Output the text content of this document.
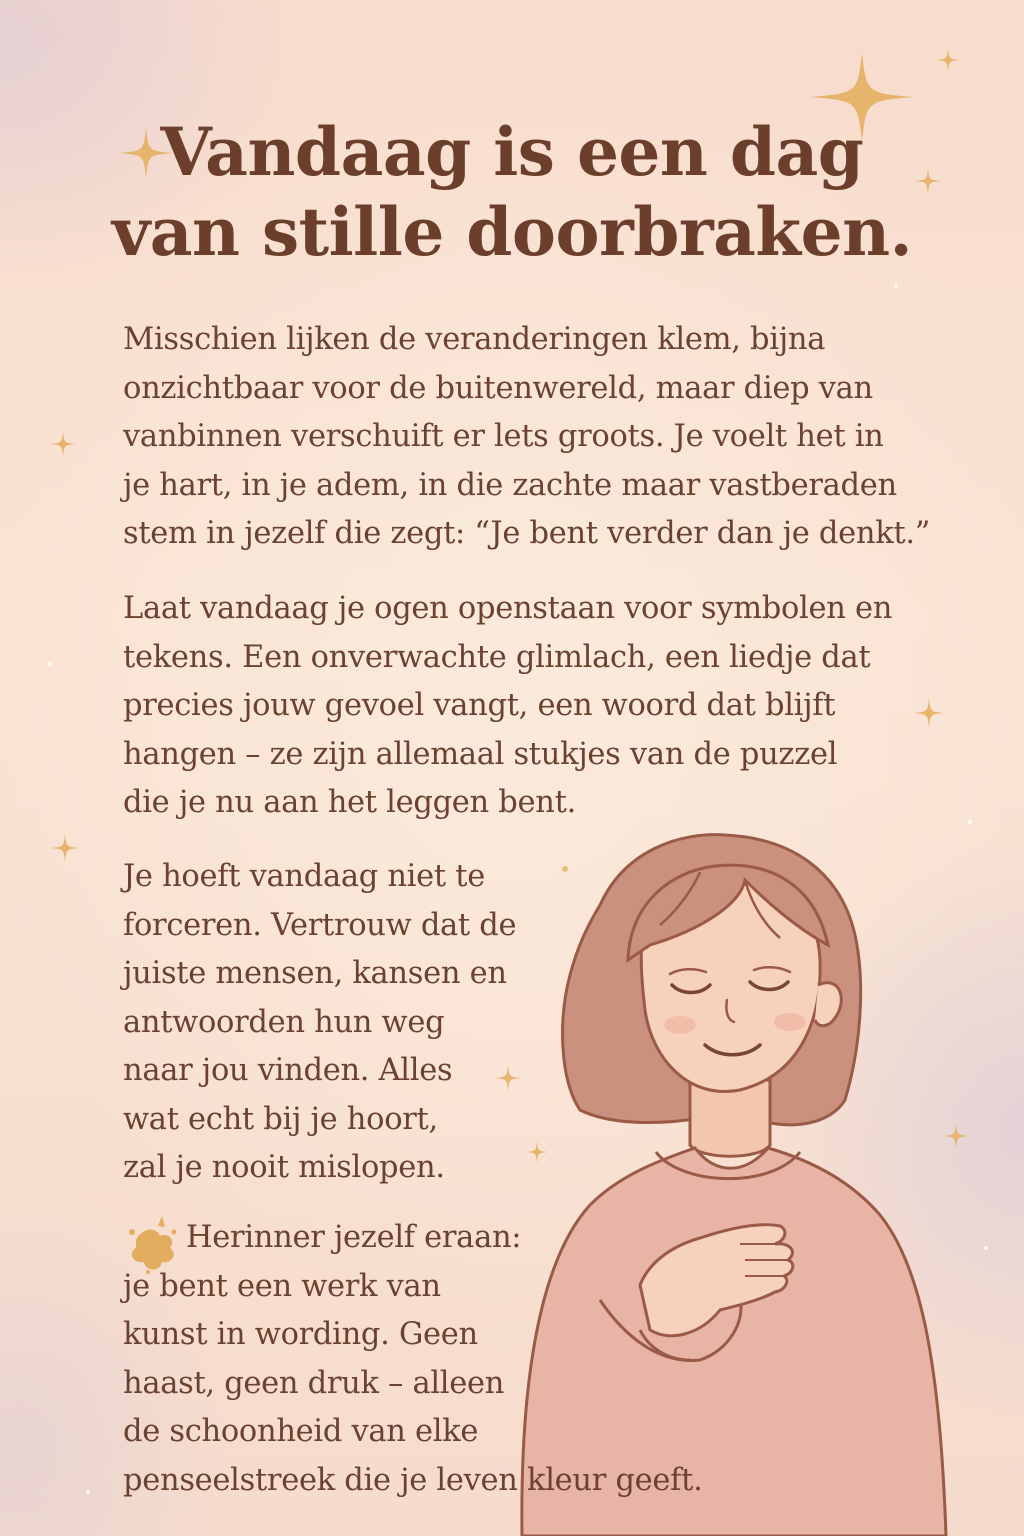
Vandaag is een dag
van stille doorbraken.
Misschien lijken de veranderingen klem, bijna
onzichtbaar voor de buitenwereld, maar diep van
vanbinnen verschuift er lets groots. Je voelt het in
je hart, in je adem, in die zachte maar vastberaden
stem in jezelf die zegt: “Je bent verder dan je denkt.”
Laat vandaag je ogen openstaan voor symbolen en
tekens. Een onverwachte glimlach, een liedje dat
precies jouw gevoel vangt, een woord dat blijft
hangen – ze zijn allemaal stukjes van de puzzel
die je nu aan het leggen bent.
Je hoeft vandaag niet te
forceren. Vertrouw dat de
juiste mensen, kansen en
antwoorden hun weg
naar jou vinden. Alles
wat echt bij je hoort,
zal je nooit mislopen.
Herinner jezelf eraan:
je bent een werk van
kunst in wording. Geen
haast, geen druk – alleen
de schoonheid van elke
penseelstreek die je leven kleur geeft.
